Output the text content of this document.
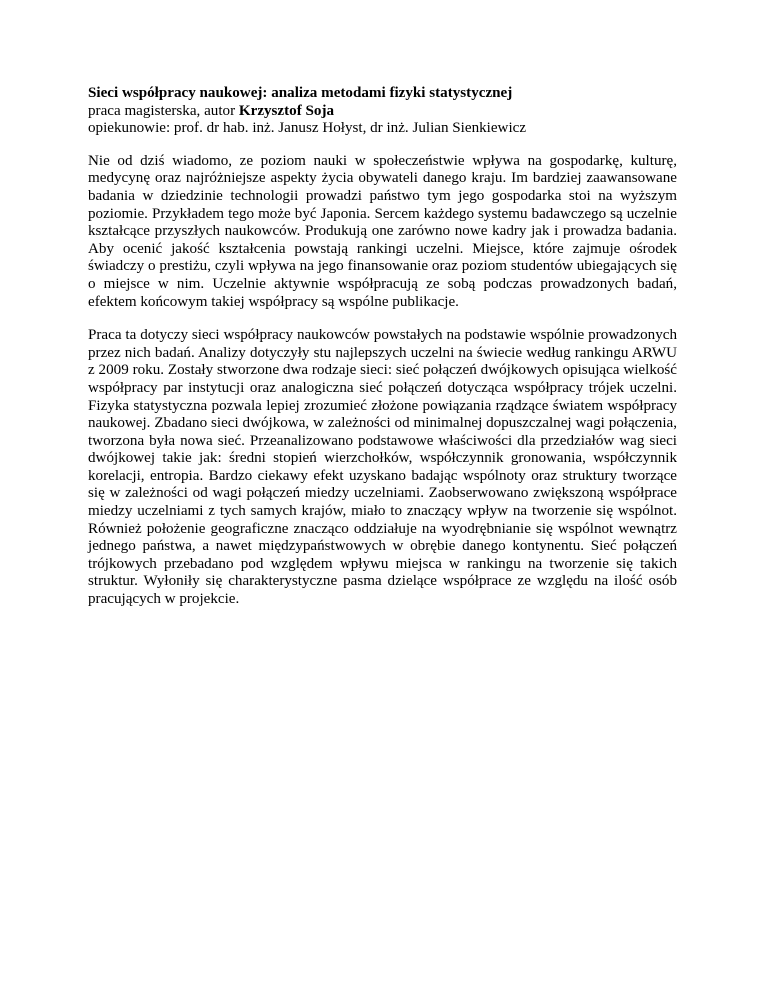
Sieci współpracy naukowej: analiza metodami fizyki statystycznej

praca magisterska, autor Krzysztof Soja

opiekunowie: prof. dr hab. inż. Janusz Hołyst, dr inż. Julian Sienkiewicz

Nie od dziś wiadomo, ze poziom nauki w społeczeństwie wpływa na gospodarkę, kulturę, medycynę oraz najróżniejsze aspekty życia obywateli danego kraju. Im bardziej zaawansowane badania w dziedzinie technologii prowadzi państwo tym jego gospodarka stoi na wyższym poziomie. Przykładem tego może być Japonia. Sercem każdego systemu badawczego są uczelnie kształcące przyszłych naukowców. Produkują one zarówno nowe kadry jak i prowadza badania. Aby ocenić jakość kształcenia powstają rankingi uczelni. Miejsce, które zajmuje ośrodek świadczy o prestiżu, czyli wpływa na jego finansowanie oraz poziom studentów ubiegających się o miejsce w nim. Uczelnie aktywnie współpracują ze sobą podczas prowadzonych badań, efektem końcowym takiej współpracy są wspólne publikacje.

Praca ta dotyczy sieci współpracy naukowców powstałych na podstawie wspólnie prowadzonych przez nich badań. Analizy dotyczyły stu najlepszych uczelni na świecie według rankingu ARWU z 2009 roku. Zostały stworzone dwa rodzaje sieci: sieć połączeń dwójkowych opisująca wielkość współpracy par instytucji oraz analogiczna sieć połączeń dotycząca współpracy trójek uczelni. Fizyka statystyczna pozwala lepiej zrozumieć złożone powiązania rządzące światem współpracy naukowej. Zbadano sieci dwójkowa, w zależności od minimalnej dopuszczalnej wagi połączenia, tworzona była nowa sieć. Przeanalizowano podstawowe właściwości dla przedziałów wag sieci dwójkowej takie jak: średni stopień wierzchołków, współczynnik gronowania, współczynnik korelacji, entropia. Bardzo ciekawy efekt uzyskano badając wspólnoty oraz struktury tworzące się w zależności od wagi połączeń miedzy uczelniami. Zaobserwowano zwiększoną współprace miedzy uczelniami z tych samych krajów, miało to znaczący wpływ na tworzenie się wspólnot. Również położenie geograficzne znacząco oddziałuje na wyodrębnianie się wspólnot wewnątrz jednego państwa, a nawet międzypaństwowych w obrębie danego kontynentu. Sieć połączeń trójkowych przebadano pod względem wpływu miejsca w rankingu na tworzenie się takich struktur. Wyłoniły się charakterystyczne pasma dzielące współprace ze względu na ilość osób pracujących w projekcie.
